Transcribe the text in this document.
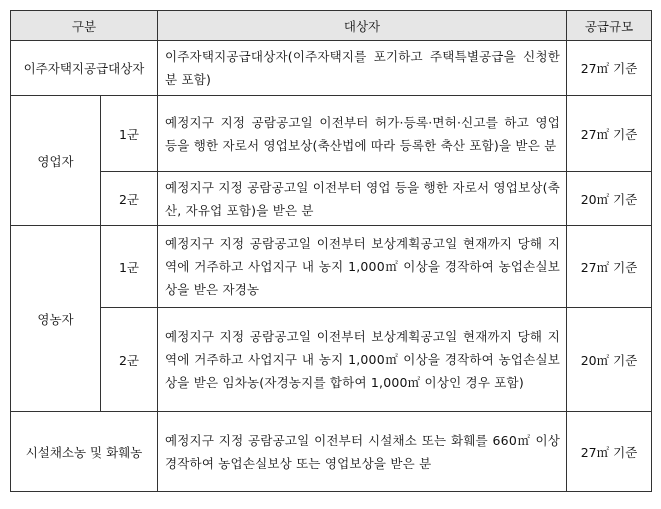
구분		대상자	공급규모
이주자택지공급대상자		이주자택지공급대상자(이주자택지를 포기하고 주택특별공급을 신청한 분 포함)	27㎡ 기준
영업자	1군	예정지구 지정 공람공고일 이전부터 허가·등록·면허·신고를 하고 영업 등을 행한 자로서 영업보상(축산법에 따라 등록한 축산 포함)을 받은 분	27㎡ 기준
	2군	예정지구 지정 공람공고일 이전부터 영업 등을 행한 자로서 영업보상(축산, 자유업 포함)을 받은 분	20㎡ 기준
영농자	1군	예정지구 지정 공람공고일 이전부터 보상계획공고일 현재까지 당해 지역에 거주하고 사업지구 내 농지 1,000㎡ 이상을 경작하여 농업손실보상을 받은 자경농	27㎡ 기준
	2군	예정지구 지정 공람공고일 이전부터 보상계획공고일 현재까지 당해 지역에 거주하고 사업지구 내 농지 1,000㎡ 이상을 경작하여 농업손실보상을 받은 임차농(자경농지를 합하여 1,000㎡ 이상인 경우 포함)	20㎡ 기준
시설채소농 및 화훼농		예정지구 지정 공람공고일 이전부터 시설채소 또는 화훼를 660㎡ 이상 경작하여 농업손실보상 또는 영업보상을 받은 분	27㎡ 기준
